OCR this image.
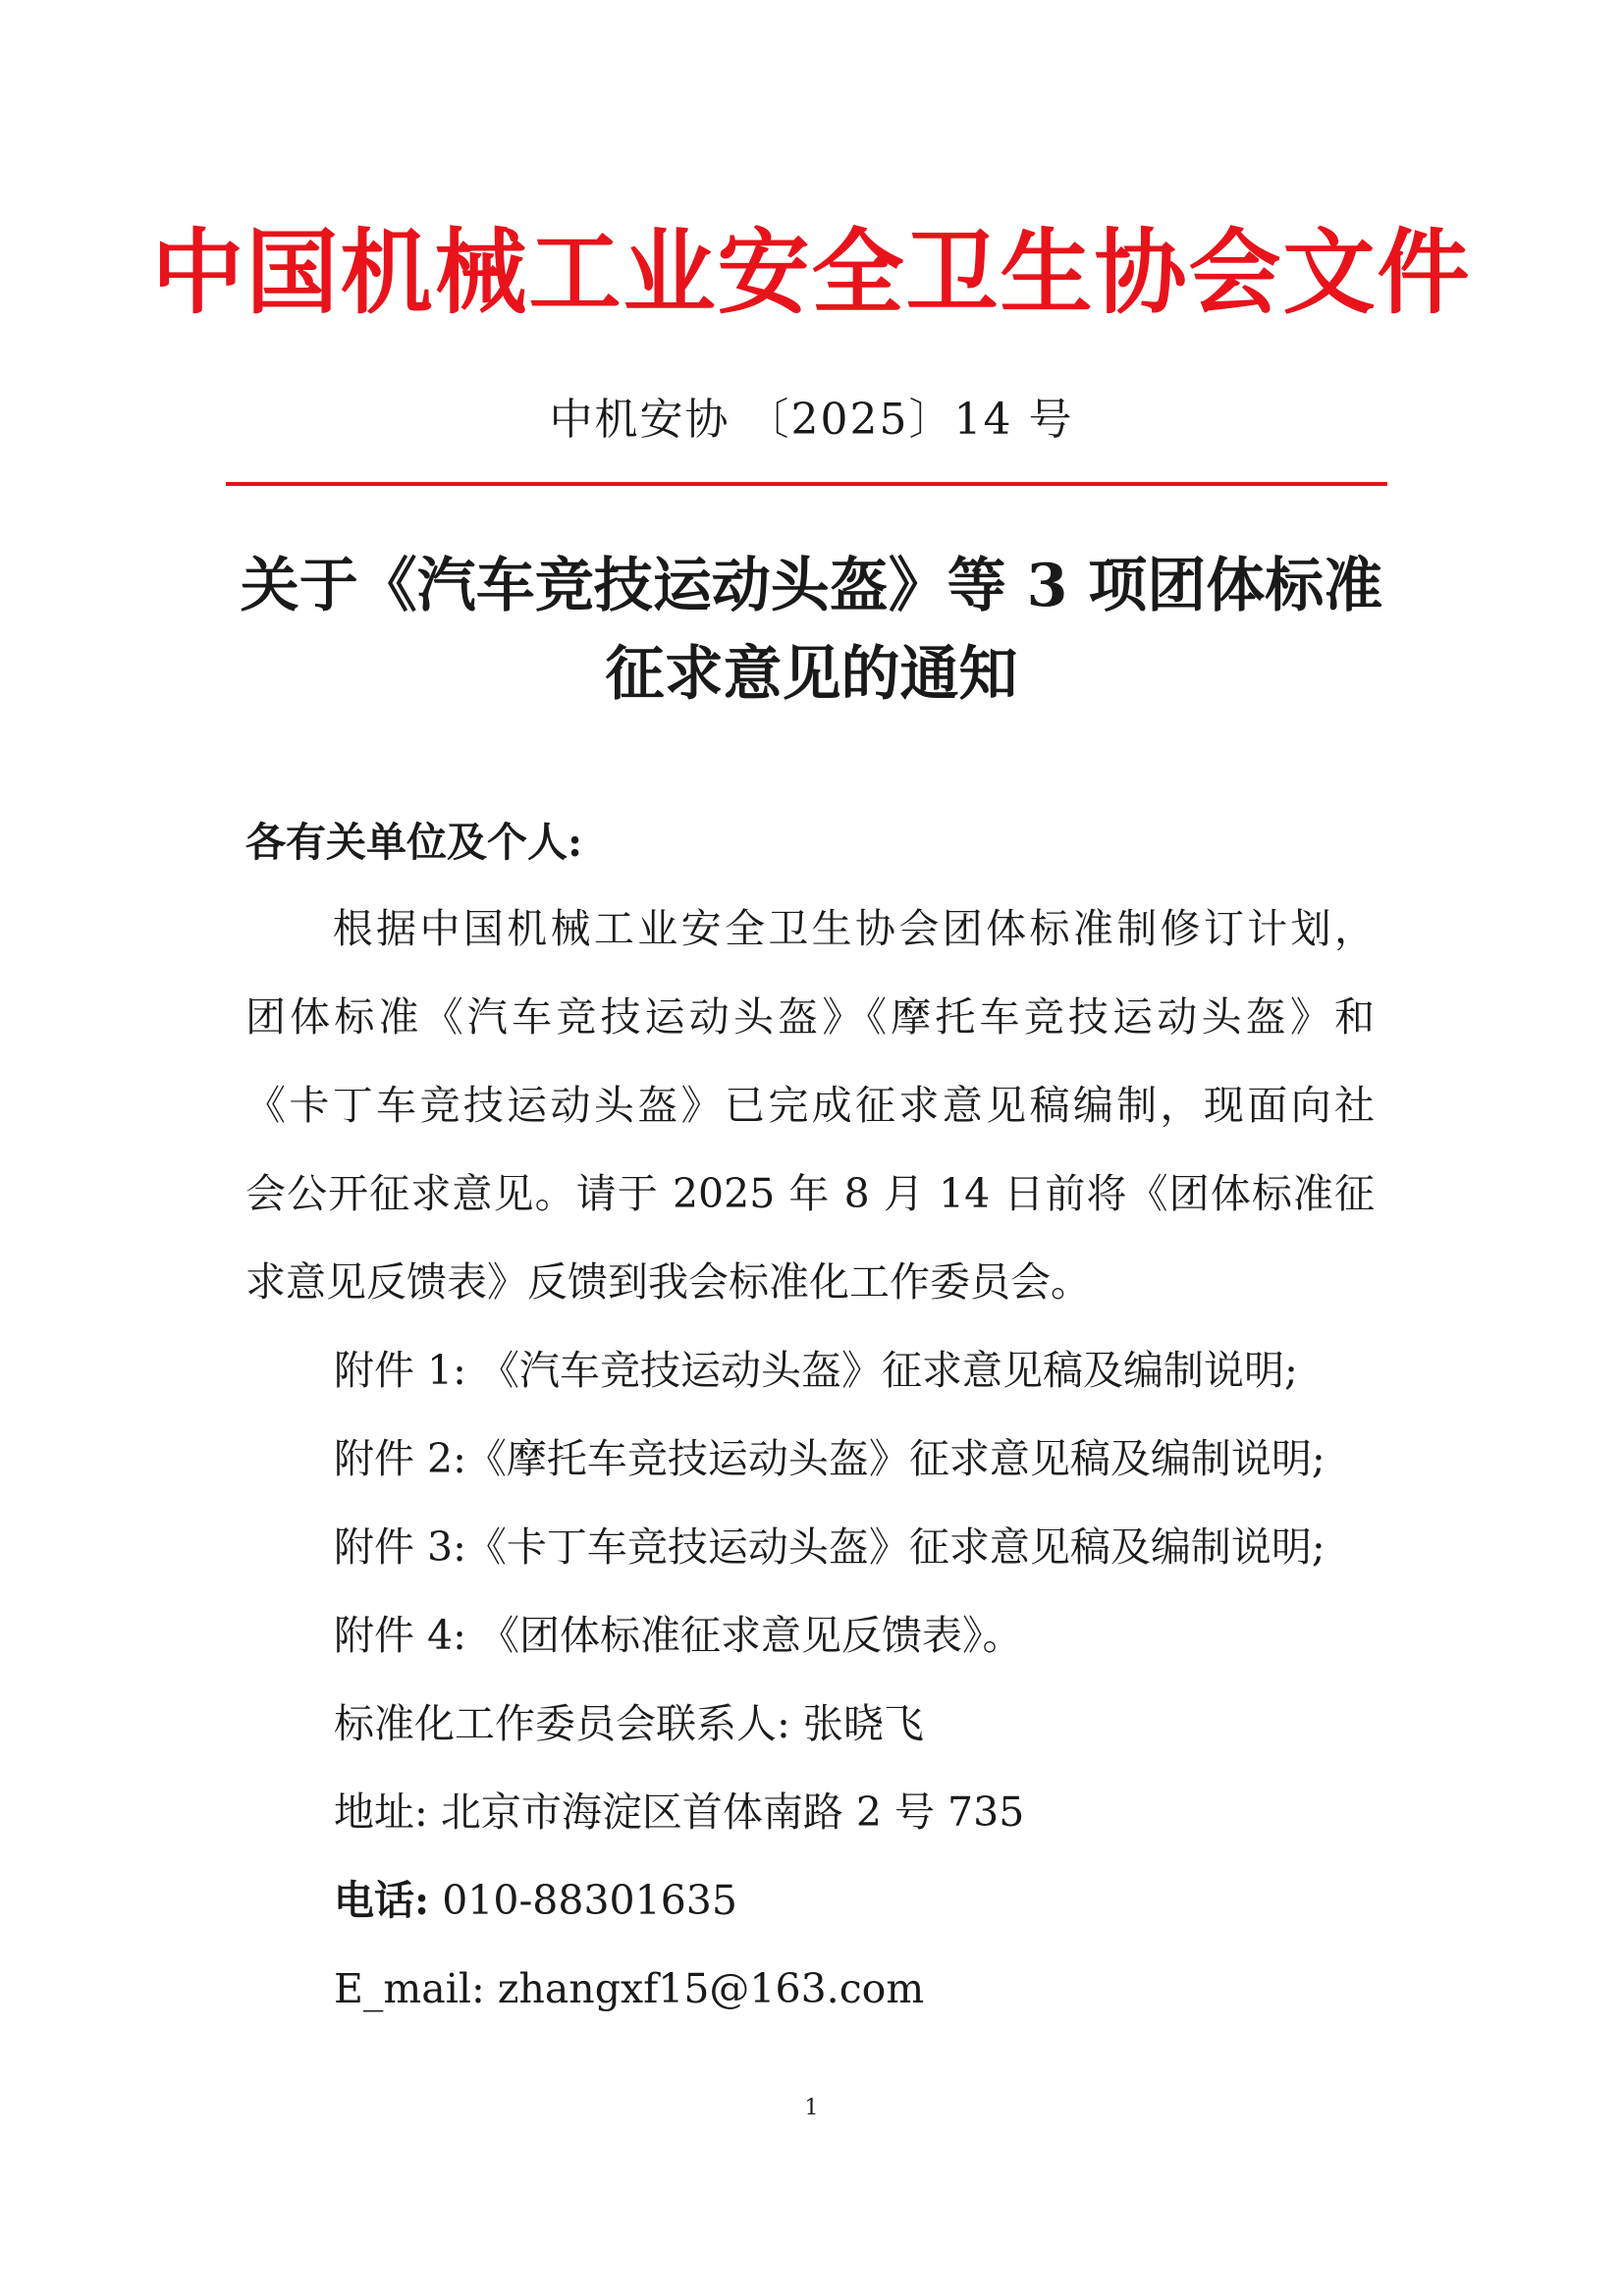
中国机械工业安全卫生协会文件
中机安协 〔2025〕14 号
关于《汽车竞技运动头盔》等 3 项团体标准
征求意见的通知
各有关单位及个人:
　　根据中国机械工业安全卫生协会团体标准制修订计划，
团体标准《汽车竞技运动头盔》《摩托车竞技运动头盔》和
《卡丁车竞技运动头盔》已完成征求意见稿编制，现面向社
会公开征求意见。请于 2025 年 8 月 14 日前将《团体标准征
求意见反馈表》反馈到我会标准化工作委员会。
附件 1: 《汽车竞技运动头盔》征求意见稿及编制说明;
附件 2:《摩托车竞技运动头盔》征求意见稿及编制说明;
附件 3:《卡丁车竞技运动头盔》征求意见稿及编制说明;
附件 4: 《团体标准征求意见反馈表》。
标准化工作委员会联系人: 张晓飞
地址: 北京市海淀区首体南路 2 号 735
电话: 010-88301635
E_mail: zhangxf15@163.com
1
